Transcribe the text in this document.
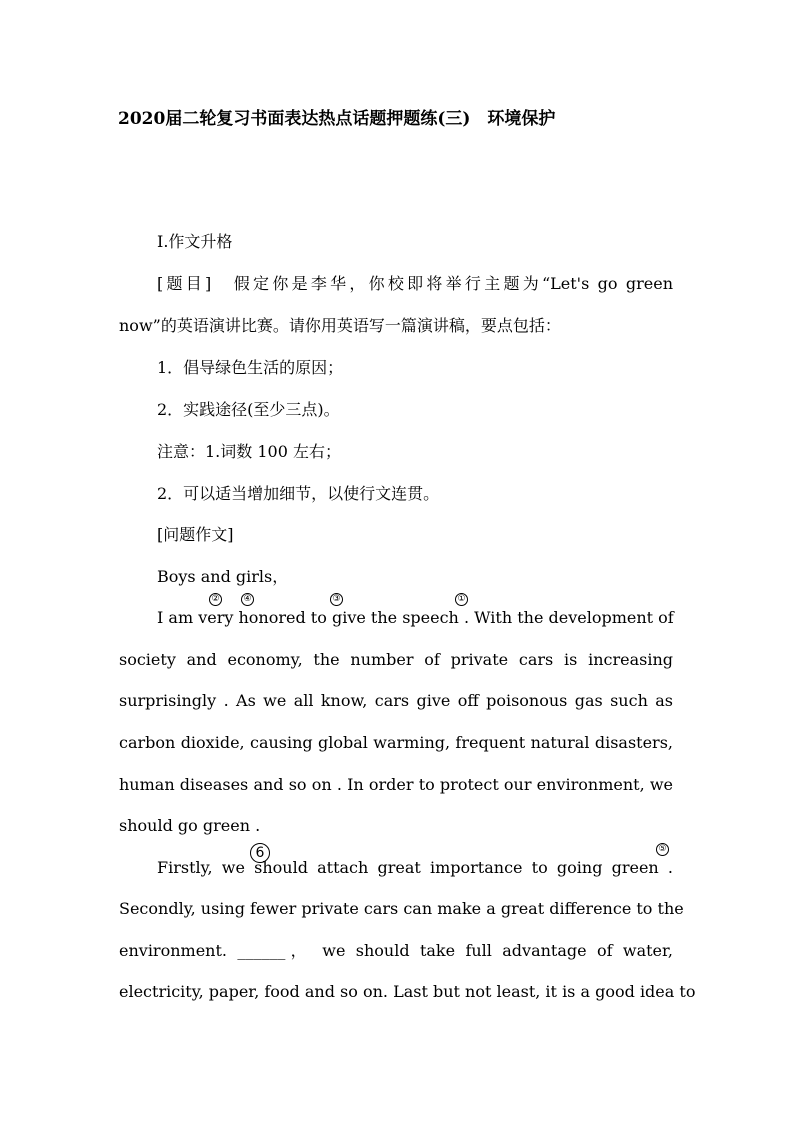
2020届二轮复习书面表达热点话题押题练(三)　环境保护
Ⅰ.作文升格
[题目]　假定你是李华，你校即将举行主题为“Let's go green
now”的英语演讲比赛。请你用英语写一篇演讲稿，要点包括：
1．倡导绿色生活的原因；
2．实践途径(至少三点)。
注意：1.词数 100 左右；
2．可以适当增加细节，以使行文连贯。
[问题作文]
Boys and girls，
I am very honored to give the speech . With the development of
society and economy, the number of private cars is increasing
surprisingly . As we all know, cars give off poisonous gas such as
carbon dioxide, causing global warming, frequent natural disasters,
human diseases and so on . In order to protect our environment, we
should go green .
②	④	③	①
6	⑤
Firstly, we should attach great importance to going green .
Secondly, using fewer private cars can make a great difference to the
environment. ______， we should take full advantage of water,
electricity, paper, food and so on. Last but not least, it is a good idea to
